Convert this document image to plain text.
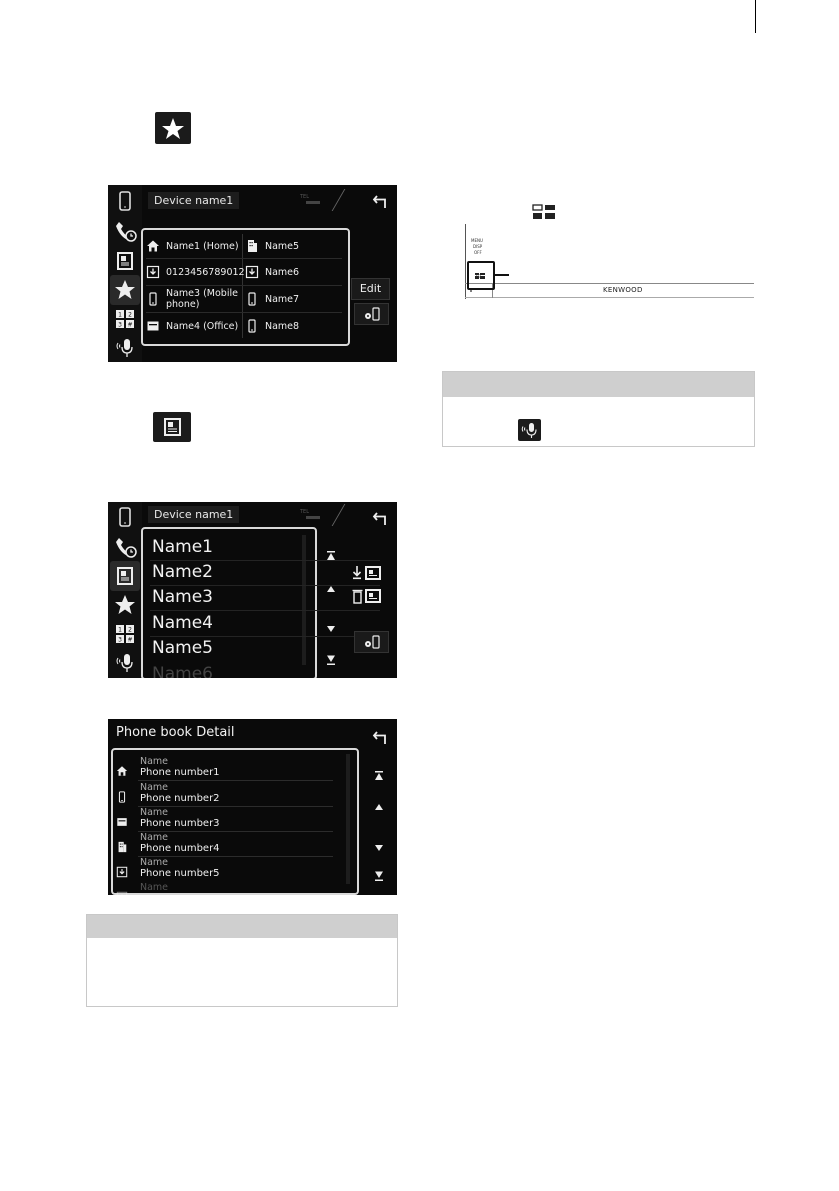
1 2
3 #
Device name1	TEL
Name1 (Home)	Name5
0123456789012 Name6
Name3 (Mobile phone)	Name7
Name4 (Office)	Name8
Edit
1 2
3 #
Device name1	TEL
Name1
Name2
Name3
Name4
Name5
Name6
Phone book Detail
Name
Phone number1
Name
Phone number2
Name
Phone number3
Name
Phone number4
Name
Phone number5
Name
MENU
DISP
OFF
TEL
KENWOOD
